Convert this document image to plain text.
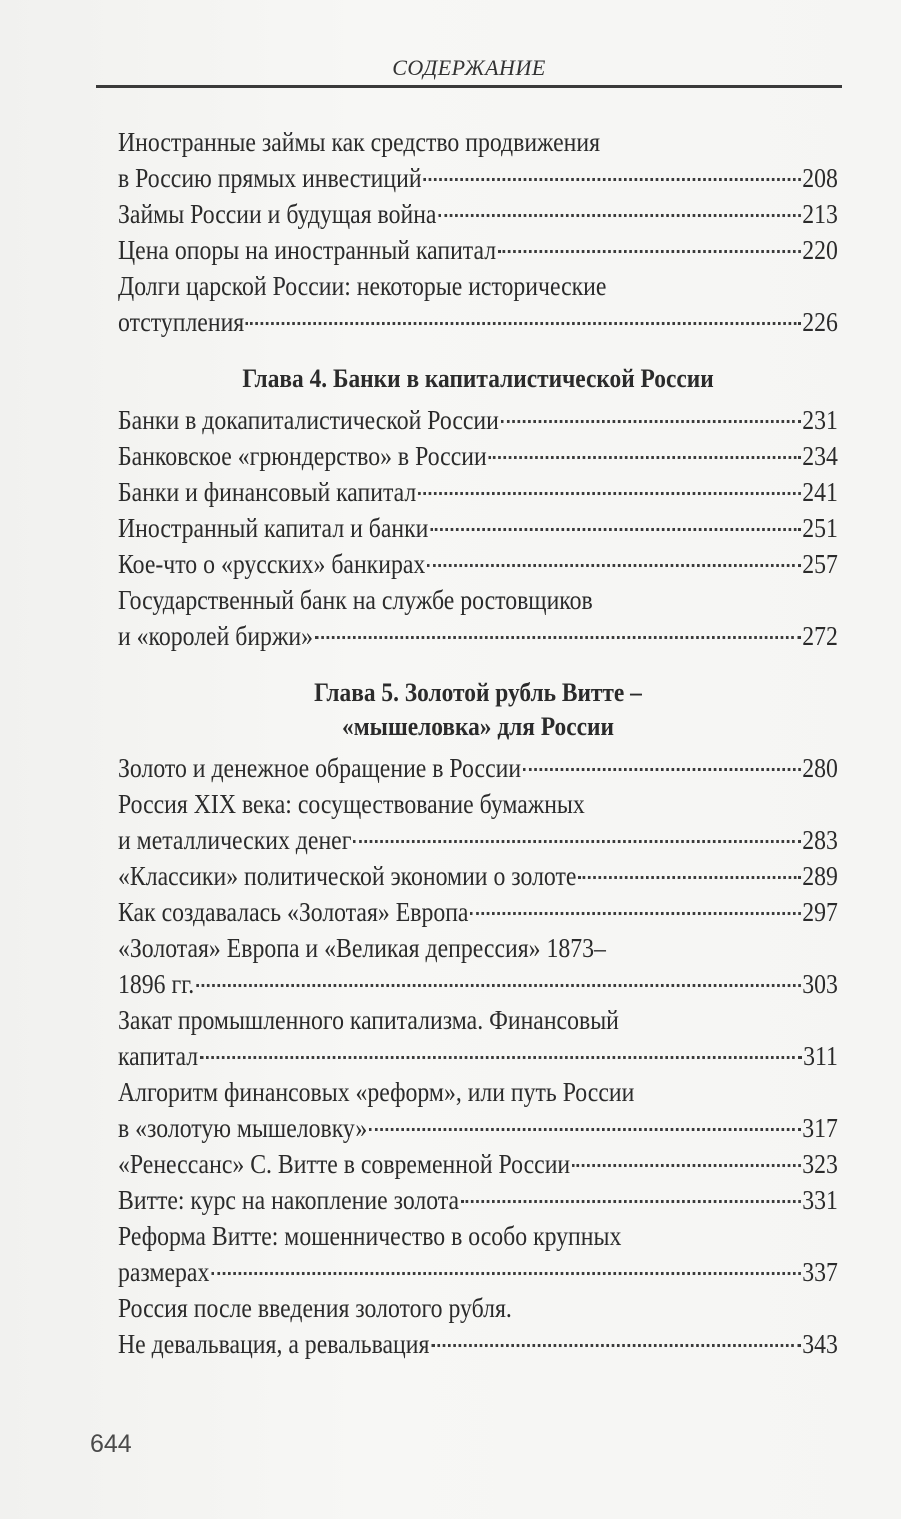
СОДЕРЖАНИЕ
Иностранные займы как средство продвижения
в Россию прямых инвестиций	208
Займы России и будущая война	213
Цена опоры на иностранный капитал	220
Долги царской России: некоторые исторические
отступления	226
Глава 4. Банки в капиталистической России
Банки в докапиталистической России	231
Банковское «грюндерство» в России	234
Банки и финансовый капитал	241
Иностранный капитал и банки	251
Кое-что о «русских» банкирах	257
Государственный банк на службе ростовщиков
и «королей биржи»	272
Глава 5. Золотой рубль Витте –
«мышеловка» для России
Золото и денежное обращение в России	280
Россия XIX века: сосуществование бумажных
и металлических денег	283
«Классики» политической экономии о золоте	289
Как создавалась «Золотая» Европа	297
«Золотая» Европа и «Великая депрессия» 1873–
1896 гг.	303
Закат промышленного капитализма. Финансовый
капитал	311
Алгоритм финансовых «реформ», или путь России
в «золотую мышеловку»	317
«Ренессанс» С. Витте в современной России	323
Витте: курс на накопление золота	331
Реформа Витте: мошенничество в особо крупных
размерах	337
Россия после введения золотого рубля.
Не девальвация, а ревальвация	343
644
